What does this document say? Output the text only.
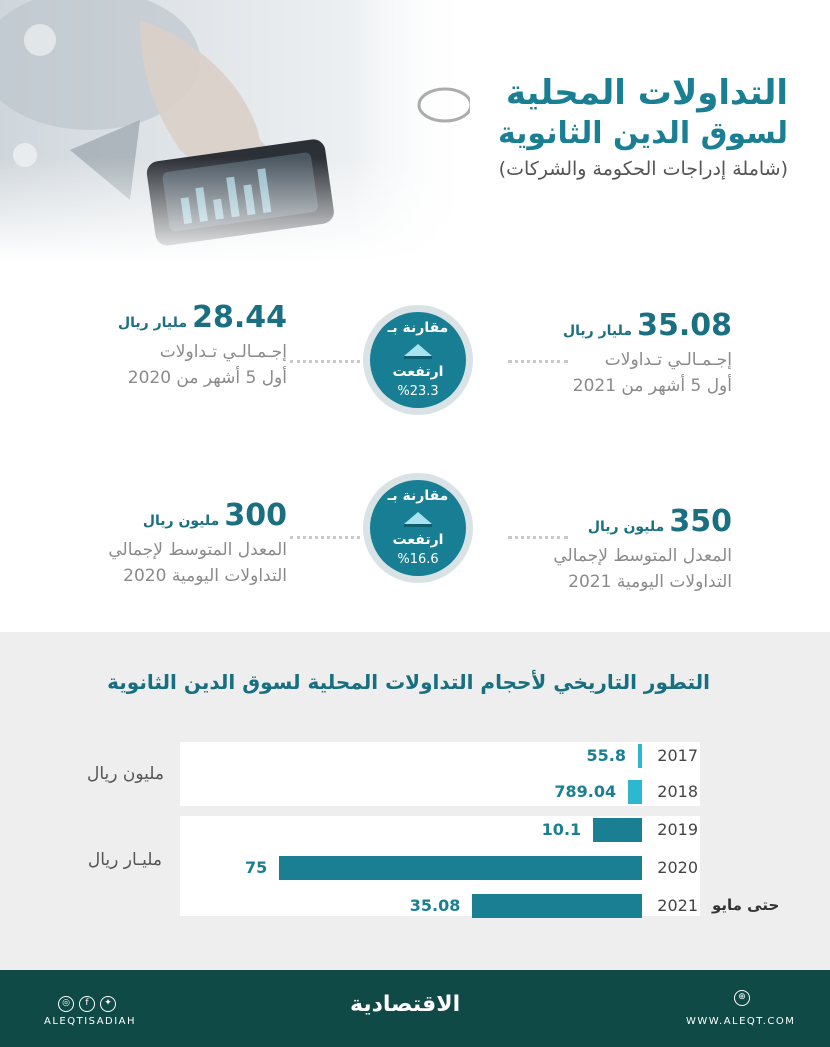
التداولات المحلية
لسوق الدين الثانوية
(شاملة إدراجات الحكومة والشركات)
35.08 مليار ريال
إجـمـالـي تـداولات
أول 5 أشهر من 2021
مقارنة بـ
ارتفعت
%23.3
28.44 مليار ريال
إجـمـالـي تـداولات
أول 5 أشهر من 2020
350 مليون ريال
المعدل المتوسط لإجمالي
التداولات اليومية 2021
مقارنة بـ
ارتفعت
%16.6
300 مليون ريال
المعدل المتوسط لإجمالي
التداولات اليومية 2020
التطور التاريخي لأحجام التداولات المحلية لسوق الدين الثانوية
مليون ريال
مليـار ريال
2017
55.8
2018
789.04
2019
10.1
2020
75
2021
35.08	حتى مايو
◎ f ✦
ALEQTISADIAH
الاقتصادية	⊕
WWW.ALEQT.COM
